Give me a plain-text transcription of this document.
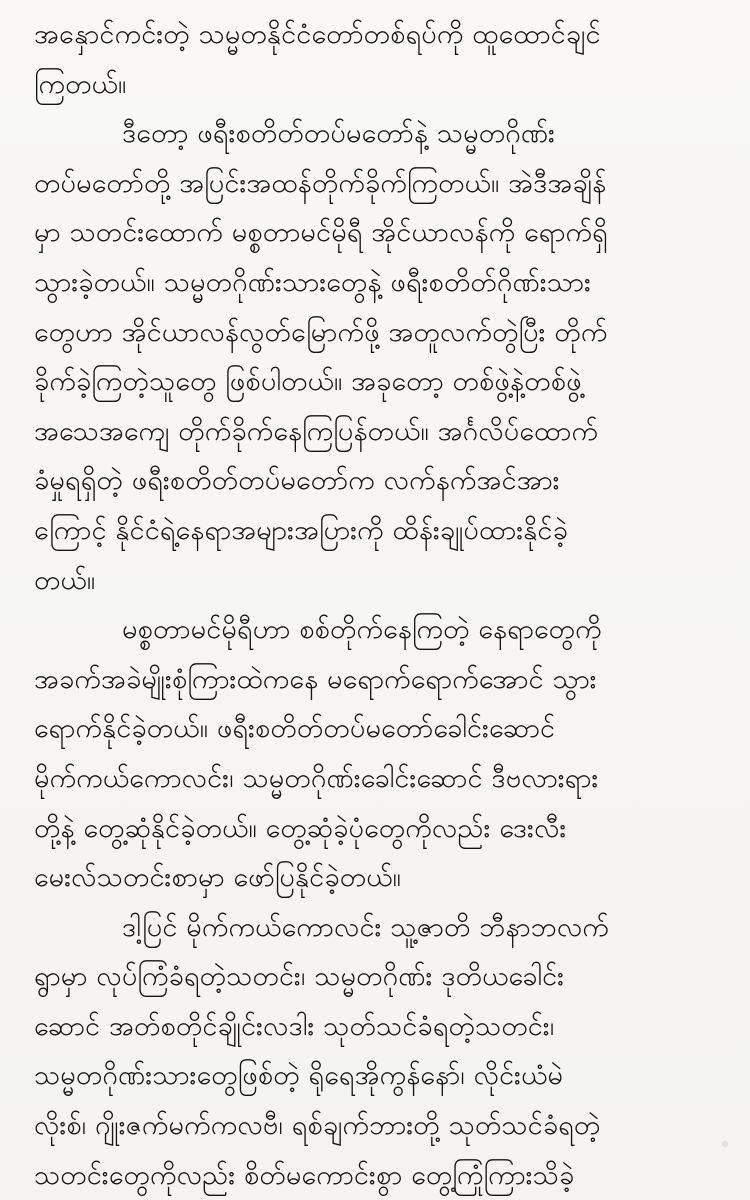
အနှောင်ကင်းတဲ့ သမ္မတနိုင်ငံတော်တစ်ရပ်ကို ထူထောင်ချင်
ကြတယ်။
ဒီတော့ ဖရီးစတိတ်တပ်မတော်နဲ့ သမ္မတဂိုဏ်း
တပ်မတော်တို့ အပြင်းအထန်တိုက်ခိုက်ကြတယ်။ အဲဒီအချိန်
မှာ သတင်းထောက် မစ္စတာမင်မိုရီ အိုင်ယာလန်ကို ရောက်ရှိ
သွားခဲ့တယ်။ သမ္မတဂိုဏ်းသားတွေနဲ့ ဖရီးစတိတ်ဂိုဏ်းသား
တွေဟာ အိုင်ယာလန်လွတ်မြောက်ဖို့ အတူလက်တွဲပြီး တိုက်
ခိုက်ခဲ့ကြတဲ့သူတွေ ဖြစ်ပါတယ်။ အခုတော့ တစ်ဖွဲ့နဲ့တစ်ဖွဲ့
အသေအကျေ တိုက်ခိုက်နေကြပြန်တယ်။ အင်္ဂလိပ်ထောက်
ခံမှုရရှိတဲ့ ဖရီးစတိတ်တပ်မတော်က လက်နက်အင်အား
ကြောင့် နိုင်ငံရဲ့နေရာအများအပြားကို ထိန်းချုပ်ထားနိုင်ခဲ့
တယ်။
မစ္စတာမင်မိုရီဟာ စစ်တိုက်နေကြတဲ့ နေရာတွေကို
အခက်အခဲမျိုးစုံကြားထဲကနေ မရောက်ရောက်အောင် သွား
ရောက်နိုင်ခဲ့တယ်။ ဖရီးစတိတ်တပ်မတော်ခေါင်းဆောင်
မိုက်ကယ်ကောလင်း၊ သမ္မတဂိုဏ်းခေါင်းဆောင် ဒီဗလားရား
တို့နဲ့ တွေ့ဆုံနိုင်ခဲ့တယ်။ တွေ့ဆုံခဲ့ပုံတွေကိုလည်း ဒေးလီး
မေးလ်သတင်းစာမှာ ဖော်ပြနိုင်ခဲ့တယ်။
ဒါ့ပြင် မိုက်ကယ်ကောလင်း သူ့ဇာတိ ဘီနာဘလက်
ရွာမှာ လုပ်ကြံခံရတဲ့သတင်း၊ သမ္မတဂိုဏ်း ဒုတိယခေါင်း
ဆောင် အတ်စတိုင်ချိုင်းလဒါး သုတ်သင်ခံရတဲ့သတင်း၊
သမ္မတဂိုဏ်းသားတွေဖြစ်တဲ့ ရိုရေအိုကွန်နော်၊ လိုင်းယံမဲ
လိုးစ်၊ ဂျိုးဇက်မက်ကလဗီ၊ ရစ်ချက်ဘားတို့ သုတ်သင်ခံရတဲ့
သတင်းတွေကိုလည်း စိတ်မကောင်းစွာ တွေ့ကြုံကြားသိခဲ့
•
